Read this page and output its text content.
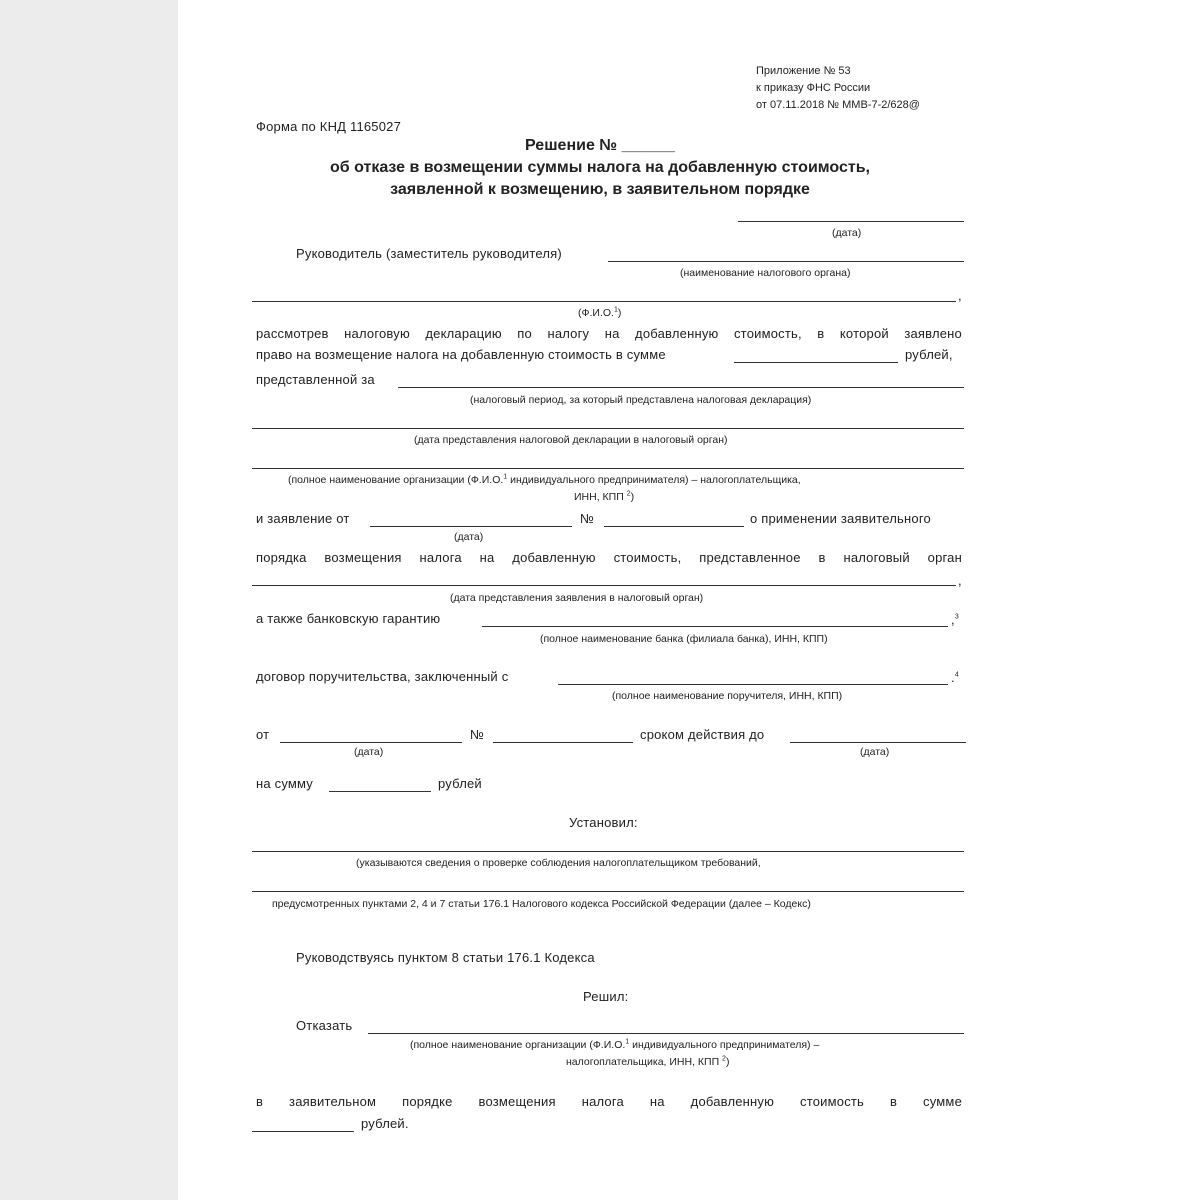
Приложение № 53
к приказу ФНС России
от 07.11.2018 № ММВ-7-2/628@
Форма по КНД 1165027
Решение № ______
об отказе в возмещении суммы налога на добавленную стоимость,
заявленной к возмещению, в заявительном порядке
(дата)
Руководитель (заместитель руководителя)
(наименование налогового органа)
,
(Ф.И.О.$^1$)
рассмотрев налоговую декларацию по налогу на добавленную стоимость, в которой заявлено
право на возмещение налога на добавленную стоимость в сумме	рублей,
представленной за
(налоговый период, за который представлена налоговая декларация)
(дата представления налоговой декларации в налоговый орган)
(полное наименование организации (Ф.И.О.$^1$ индивидуального предпринимателя) – налогоплательщика,
ИНН, КПП $^2$)
и заявление от
(дата)
№	о применении заявительного
порядка возмещения налога на добавленную стоимость, представленное в налоговый орган
,
(дата представления заявления в налоговый орган)
а также банковскую гарантию	,$^3$
(полное наименование банка (филиала банка), ИНН, КПП)
договор поручительства, заключенный с	.$^4$
(полное наименование поручителя, ИНН, КПП)
от
(дата)
№	сроком действия до
(дата)
на сумму	рублей
Установил:
(указываются сведения о проверке соблюдения налогоплательщиком требований,
предусмотренных пунктами 2, 4 и 7 статьи 176.1 Налогового кодекса Российской Федерации (далее – Кодекс)
Руководствуясь пунктом 8 статьи 176.1 Кодекса
Решил:
Отказать
(полное наименование организации (Ф.И.О.$^1$ индивидуального предпринимателя) –
налогоплательщика, ИНН, КПП $^2$)
в заявительном порядке возмещения налога на добавленную стоимость в сумме
рублей.
